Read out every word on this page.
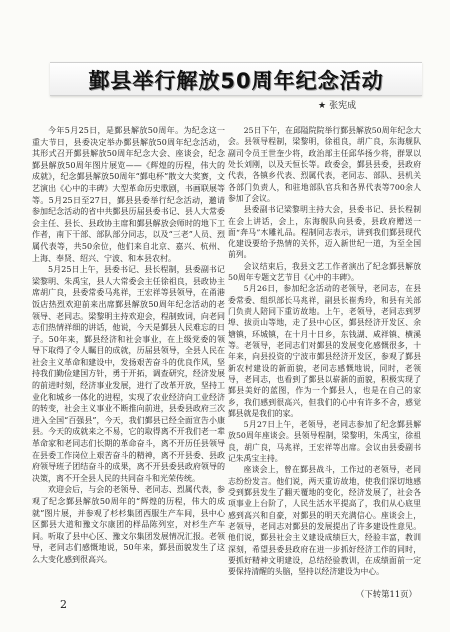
鄞县举行解放50周年纪念活动
★ 张宪成

今年5月25日，是鄞县解放50周年。为纪念这一重大节日，县委决定举办鄞县解放50周年纪念活动，其形式召开鄞县解放50周年纪念大会、座谈会，纪念鄞县解放50周年图片展览——《辉煌的历程，伟大的成就》，纪念鄞县解放50周年“鄞电杯”散文大奖赛，文艺演出《心中的丰碑》大型革命历史歌剧，书画联展等等。5月25日至27日，鄞县县委举行纪念活动，邀请参加纪念活动的省中共鄞县历届县委书记、县人大常委会主任、县长、县政协主席和鄞县解放会师时的地下工作者，南下干部、部队部分同志，以及“三老”人员、烈属代表等，共50余位，他们来自北京、嘉兴、杭州、上海、奉贤、绍兴、宁波、和本县农村。

5月25日上午，县委书记、县长程制，县委副书记梁黎明、朱禹宝，县人大常委会主任徐祖良，县政协主席胡广良，县委常委马兆祥，王宏祥等县领导，在甬港饭店热烈欢迎前来出席鄞县解放50周年纪念活动的老领导、老同志。梁黎明主持欢迎会，程制致词，向老同志们热情祥细的讲话，他说，今天是鄞县人民难忘的日子。50年来，鄞县经济和社会事业，在上级党委的领导下取得了令人瞩目的成就，历届县领导，全县人民在社会主义革命和建设中，发扬艰苦奋斗的优良作风，坚持我们勤俭建国方针，勇于开拓，调查研究，经济发展的前进时刻，经济事业发展，进行了改革开放，坚持工业化和城乡一体化的进程，实现了农业经济向工业经济的转变，社会主义事业不断推向前进，县委县政府三次进入全国“百强县”，今天，我们鄞县已经全面宣告小康县。今天的成就来之不易，它的取得离不开我们老一辈革命家和老同志们长期的革命奋斗，离不开历任县领导在县委工作岗位上艰苦奋斗的精神，离不开县委、县政府领导班子团结奋斗的成果，离不开县委县政府领导的决策，离不开全县人民的共同奋斗和光荣传统。

欢迎会后，与会的老领导、老同志、烈属代表，参观了纪念鄞县解放50周年的“辉煌的历程，伟大的成就”图片展，并参观了杉杉集团西服生产车间，县中心区鄞县大道和豫文尔康团的样品陈列室，对杉生产车间。听取了县中心区、豫文尔集团发展情况汇报。老领导，老同志们感慨地说，50年来，鄞县面貌发生了这么大变化感到很高兴。

25日下午，在邱隘院院举行鄞县解放50周年纪念大会。县领导程制，梁黎明，徐祖良，胡广良，东海舰队副司令员王世奎少将，政治部主任邱华扬少将，群眾以处长刘刚，以及天恒长等。政委会，鄞县县委，县政府代表，各镇乡代表、烈属代表，老同志、部队、县机关各部门负责人，和驻地部队官兵和各界代表等700余人参加了会议。

县委副书记梁黎明主持大会，县委书记、县长程制在会上讲话，会上，东海舰队向县委，县政府赠送一面“奔马”木雕礼品。程制同志表示，讲到我们鄞县现代化建设要给予热情的关怀，迈入新世纪一道，为至全国前列。

会议结束后，我县文艺工作者演出了纪念鄞县解放50周年专题文艺节目《心中的丰碑》。

5月26日，参加纪念活动的老领导，老同志，在县委常委、组织部长马兆祥，副县长崔秀玲，和县有关部门负责人陪同下重访故地。上午，老领导，老同志到罗埠、拔贡山等地，走了县中心区，鄞县经济开发区、余塘镇，环城镇，在十月十日乡，东钱湖、咸祥镇、横溪等。老领导，老同志们对鄞县的发展变化感慨很多，十年来，向县投资的宁波市鄞县经济开发区，参观了鄞县新农村建设的新面貌，老同志感慨地说，同时，老领导，老同志，也看到了鄞县以崭新的面貌，积极实现了鄞县美好的蓝图，作为一个鄞县人，也是在自己的家乡，我们感到很高兴，但我们的心中有许多不舍，感觉鄞县就是我们的家。

5月27日上午，老领导，老同志参加了纪念鄞县解放50周年座谈会。县领导程制，梁黎明，朱禹宝，徐祖良，胡广良，马兆祥，王宏祥等出席。会议由县委副书记朱禹宝主持。

座谈会上，曾在鄞县战斗，工作过的老领导，老同志纷纷发言。他们说，两天重访故地，使我们深切地感受到鄞县发生了翻天覆地的变化，经济发展了，社会各项事业上台阶了，人民生活水平提高了，我们从心底里感到高兴和自豪，对鄞县的明天充满信心。座谈会上，老领导，老同志对鄞县的发展提出了许多建设性意见。他们说，鄞县社会主义建设成绩巨大，经验丰富，教训深刻，希望县委县政府在进一步抓好经济工作的同时，要抓好精神文明建设，总结经验教训，在成绩面前一定要保持清醒的头脑，坚持以经济建设为中心。

（下转第11页）
2
